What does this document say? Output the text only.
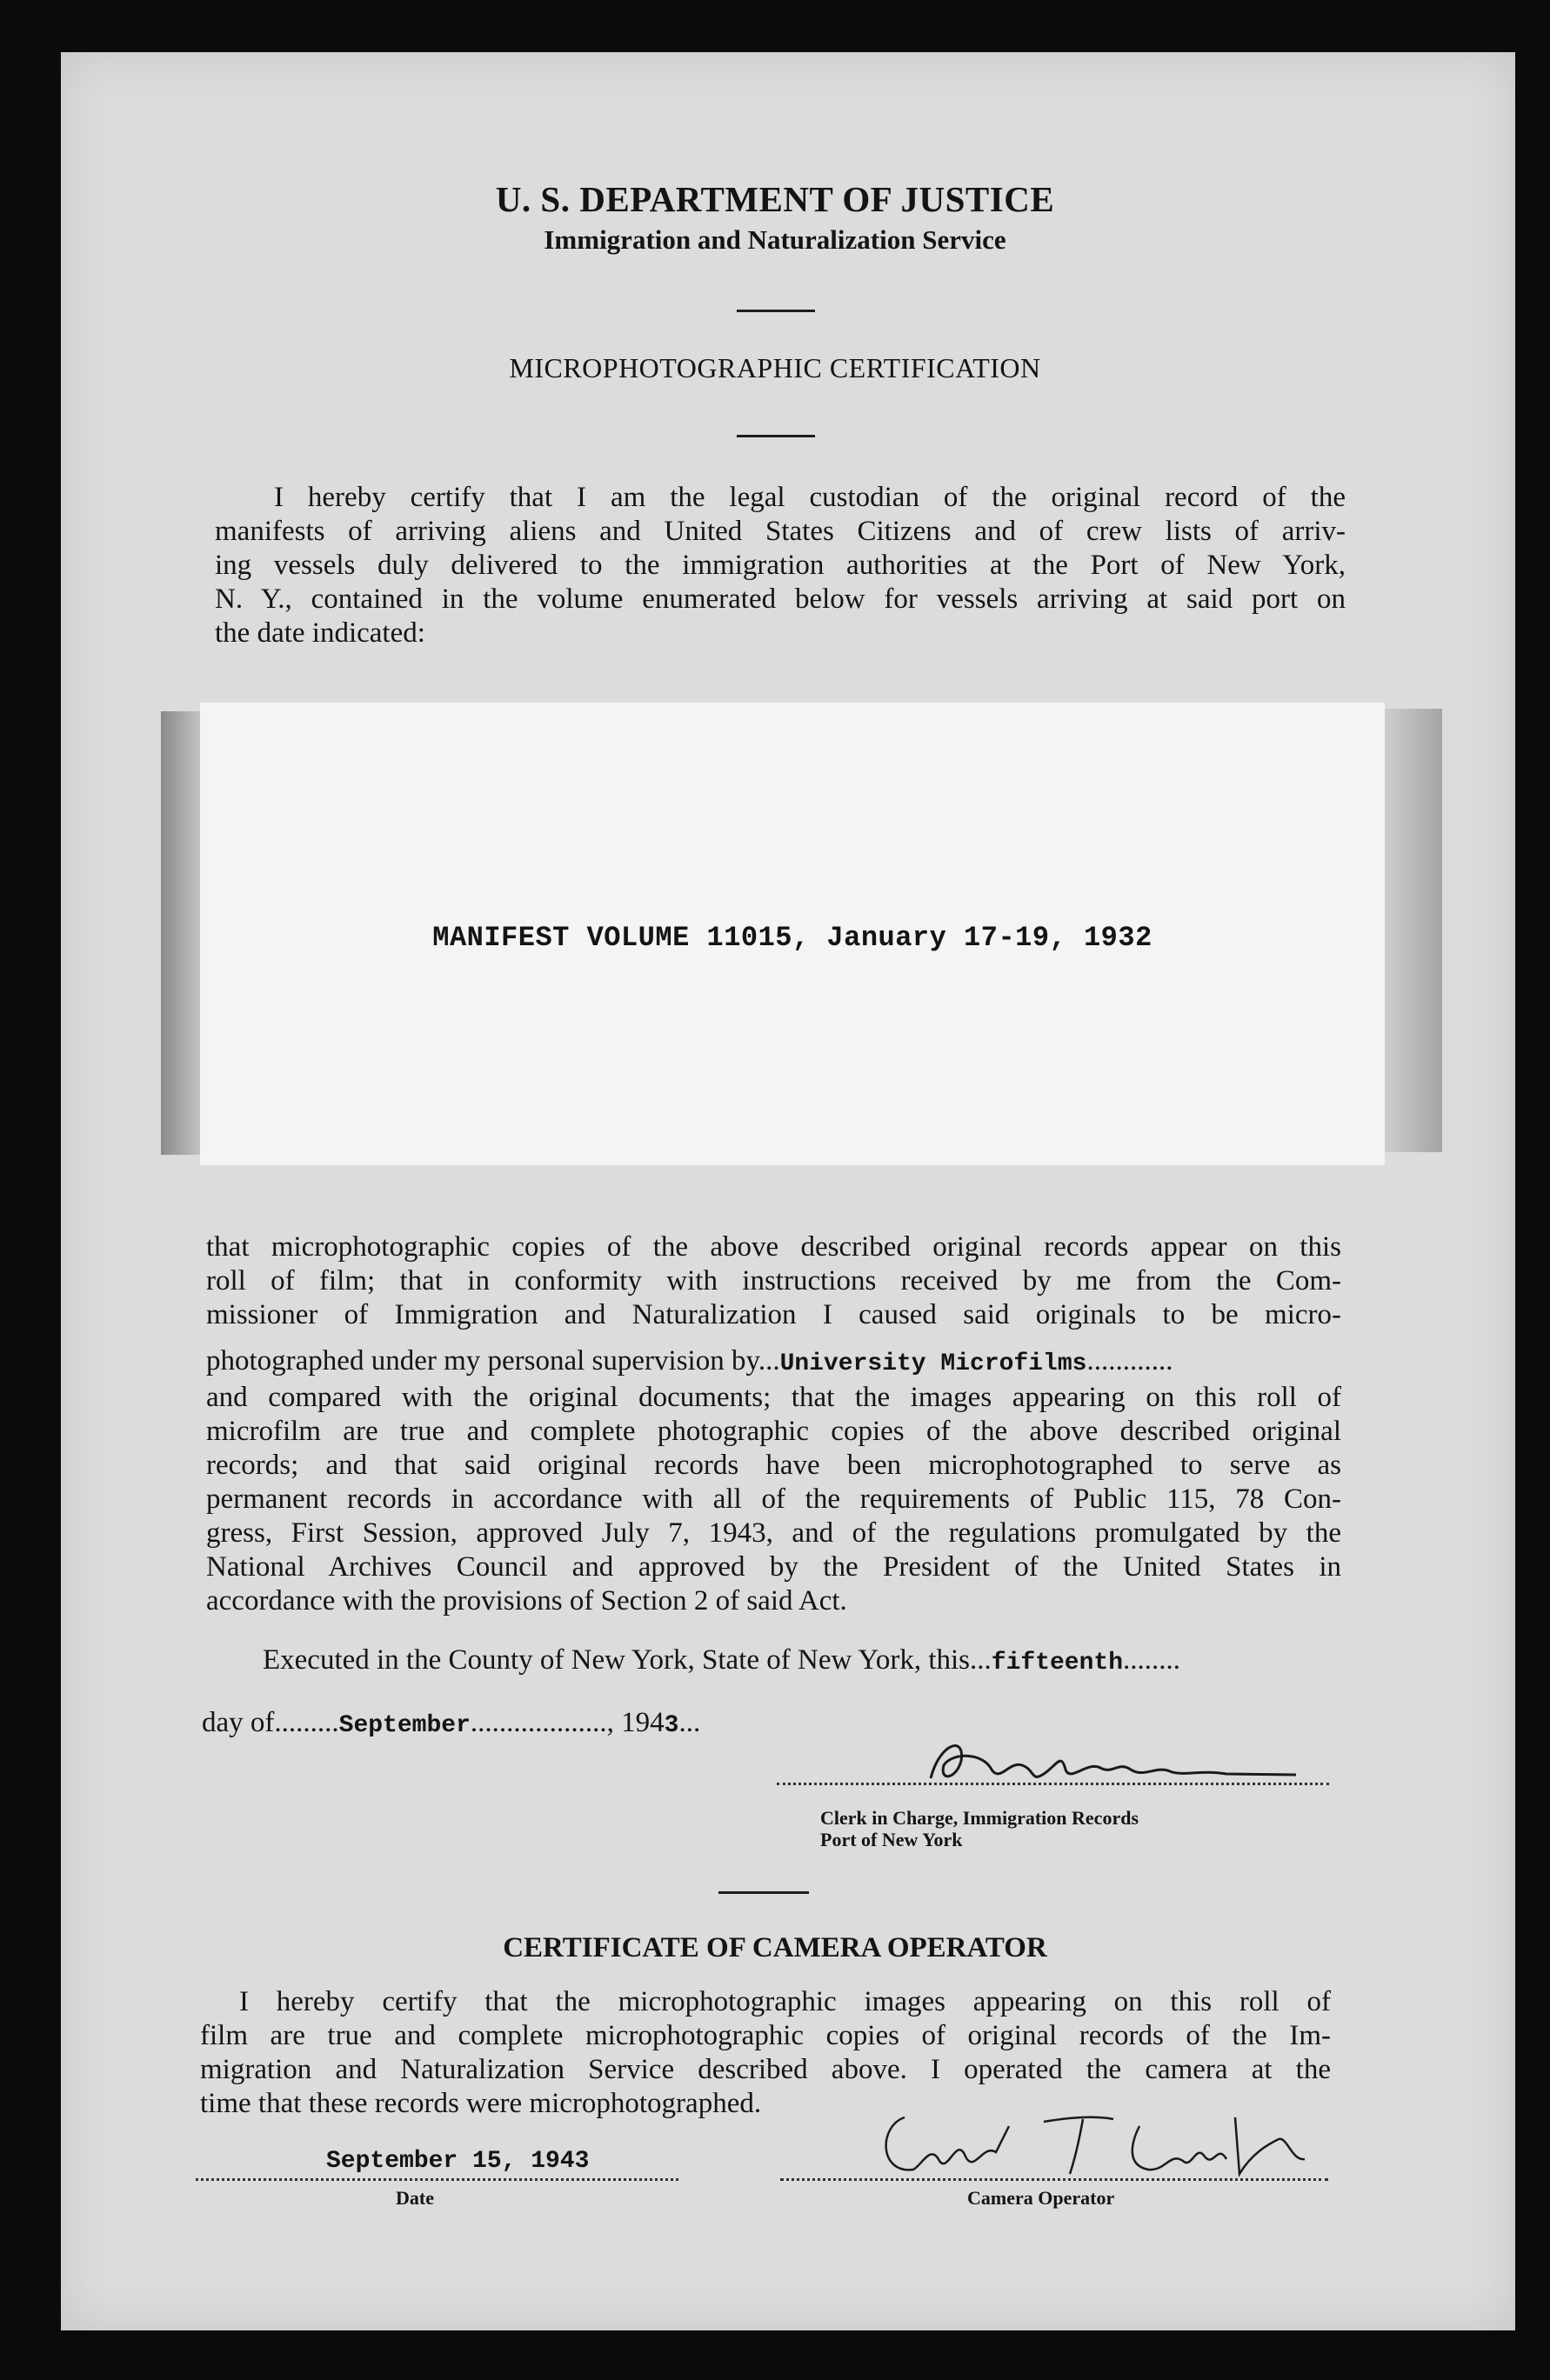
U. S. DEPARTMENT OF JUSTICE
Immigration and Naturalization Service
MICROPHOTOGRAPHIC CERTIFICATION
I hereby certify that I am the legal custodian of the original record of the
manifests of arriving aliens and United States Citizens and of crew lists of arriv-
ing vessels duly delivered to the immigration authorities at the Port of New York,
N. Y., contained in the volume enumerated below for vessels arriving at said port on
the date indicated:
MANIFEST VOLUME 11015, January 17-19, 1932
that microphotographic copies of the above described original records appear on this
roll of film; that in conformity with instructions received by me from the Com-
missioner of Immigration and Naturalization I caused said originals to be micro-
photographed under my personal supervision by...University Microfilms............
and compared with the original documents; that the images appearing on this roll of
microfilm are true and complete photographic copies of the above described original
records; and that said original records have been microphotographed to serve as
permanent records in accordance with all of the requirements of Public 115, 78 Con-
gress, First Session, approved July 7, 1943, and of the regulations promulgated by the
National Archives Council and approved by the President of the United States in
accordance with the provisions of Section 2 of said Act.
Executed in the County of New York, State of New York, this...fifteenth........
day of.........September..................., 1943...
Clerk in Charge, Immigration Records
Port of New York
CERTIFICATE OF CAMERA OPERATOR
I hereby certify that the microphotographic images appearing on this roll of
film are true and complete microphotographic copies of original records of the Im-
migration and Naturalization Service described above. I operated the camera at the
time that these records were microphotographed.
September 15, 1943
Date	Camera Operator
